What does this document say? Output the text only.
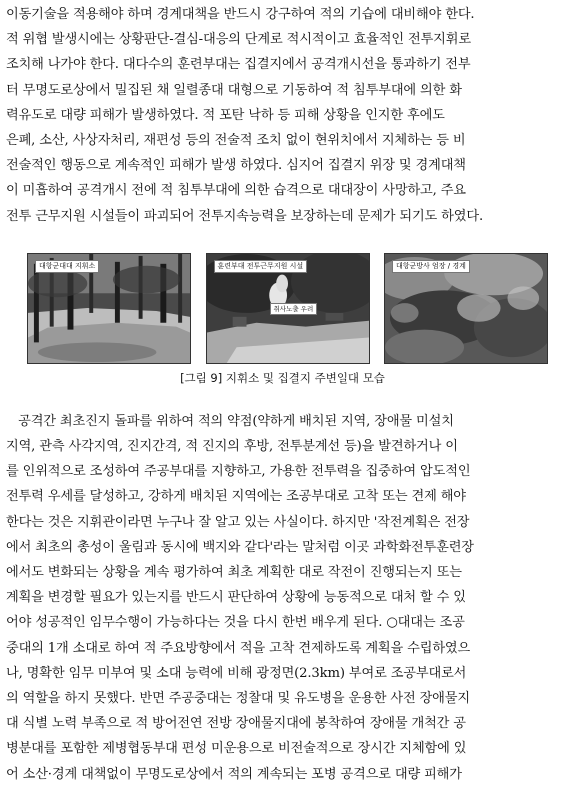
이동기술을 적용해야 하며 경계대책을 반드시 강구하여 적의 기습에 대비해야 한다.

적 위협 발생시에는 상황판단-결심-대응의 단계로 적시적이고 효율적인 전투지휘로

조치해 나가야 한다. 대다수의 훈련부대는 집결지에서 공격개시선을 통과하기 전부

터 무명도로상에서 밀집된 채 일렬종대 대형으로 기동하여 적 침투부대에 의한 화

력유도로 대량 피해가 발생하였다. 적 포탄 낙하 등 피해 상황을 인지한 후에도

은폐, 소산, 사상자처리, 재편성 등의 전술적 조치 없이 현위치에서 지체하는 등 비

전술적인 행동으로 계속적인 피해가 발생 하였다. 심지어 집결지 위장 및 경계대책

이 미흡하여 공격개시 전에 적 침투부대에 의한 습격으로 대대장이 사망하고, 주요

전투 근무지원 시설들이 파괴되어 전투지속능력을 보장하는데 문제가 되기도 하였다.

대항군대대 지휘소	훈련부대 전투근무지원 시설
취사노출 우려
대항군방사 엄장 / 경계
[그림 9] 지휘소 및 집결지 주변일대 모습

공격간 최초진지 돌파를 위하여 적의 약점(약하게 배치된 지역, 장애물 미설치

지역, 관측 사각지역, 진지간격, 적 진지의 후방, 전투분계선 등)을 발견하거나 이

를 인위적으로 조성하여 주공부대를 지향하고, 가용한 전투력을 집중하여 압도적인

전투력 우세를 달성하고, 강하게 배치된 지역에는 조공부대로 고착 또는 견제 해야

한다는 것은 지휘관이라면 누구나 잘 알고 있는 사실이다. 하지만 '작전계획은 전장

에서 최초의 총성이 울림과 동시에 백지와 같다'라는 말처럼 이곳 과학화전투훈련장

에서도 변화되는 상황을 계속 평가하여 최초 계획한 대로 작전이 진행되는지 또는

계획을 변경할 필요가 있는지를 반드시 판단하여 상황에 능동적으로 대처 할 수 있

어야 성공적인 임무수행이 가능하다는 것을 다시 한번 배우게 된다. ○대대는 조공

중대의 1개 소대로 하여 적 주요방향에서 적을 고착 견제하도록 계획을 수립하였으

나, 명확한 임무 미부여 및 소대 능력에 비해 광정면(2.3km) 부여로 조공부대로서

의 역할을 하지 못했다. 반면 주공중대는 정찰대 및 유도병을 운용한 사전 장애물지

대 식별 노력 부족으로 적 방어전연 전방 장애물지대에 봉착하여 장애물 개척간 공

병분대를 포함한 제병협동부대 편성 미운용으로 비전술적으로 장시간 지체함에 있

어 소산·경계 대책없이 무명도로상에서 적의 계속되는 포병 공격으로 대량 피해가
